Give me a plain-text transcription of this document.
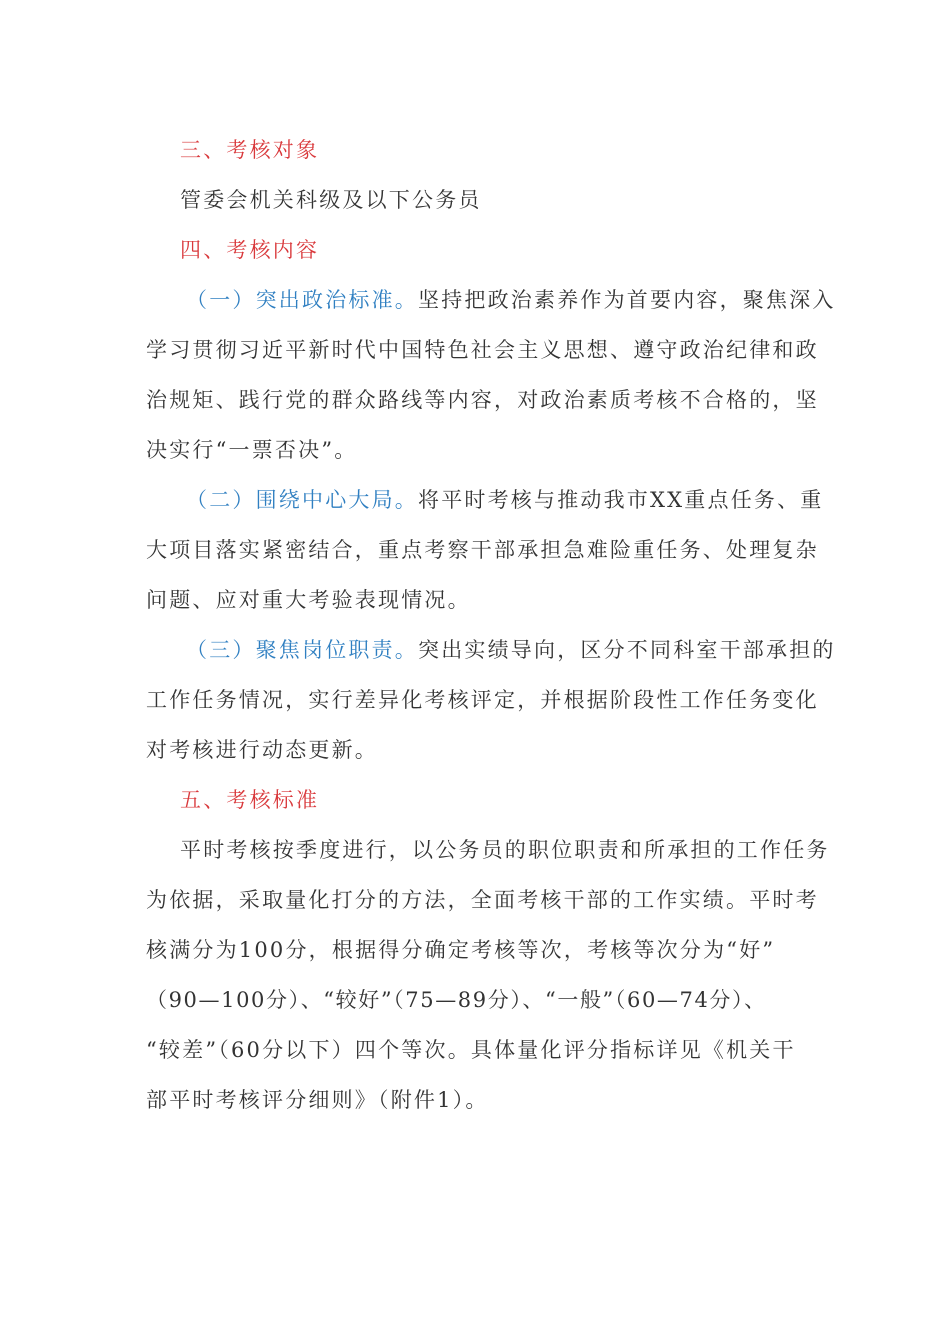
三、考核对象

管委会机关科级及以下公务员

四、考核内容

（一）突出政治标准。坚持把政治素养作为首要内容，聚焦深入

学习贯彻习近平新时代中国特色社会主义思想、遵守政治纪律和政

治规矩、践行党的群众路线等内容，对政治素质考核不合格的，坚

决实行“一票否决”。

（二）围绕中心大局。将平时考核与推动我市XX重点任务、重

大项目落实紧密结合，重点考察干部承担急难险重任务、处理复杂

问题、应对重大考验表现情况。

（三）聚焦岗位职责。突出实绩导向，区分不同科室干部承担的

工作任务情况，实行差异化考核评定，并根据阶段性工作任务变化

对考核进行动态更新。

五、考核标准

平时考核按季度进行，以公务员的职位职责和所承担的工作任务

为依据，采取量化打分的方法，全面考核干部的工作实绩。平时考

核满分为100分，根据得分确定考核等次，考核等次分为“好”

（90—100分）、“较好”（75—89分）、“一般”（60—74分）、

“较差”（60分以下）四个等次。具体量化评分指标详见《机关干

部平时考核评分细则》（附件1）。
